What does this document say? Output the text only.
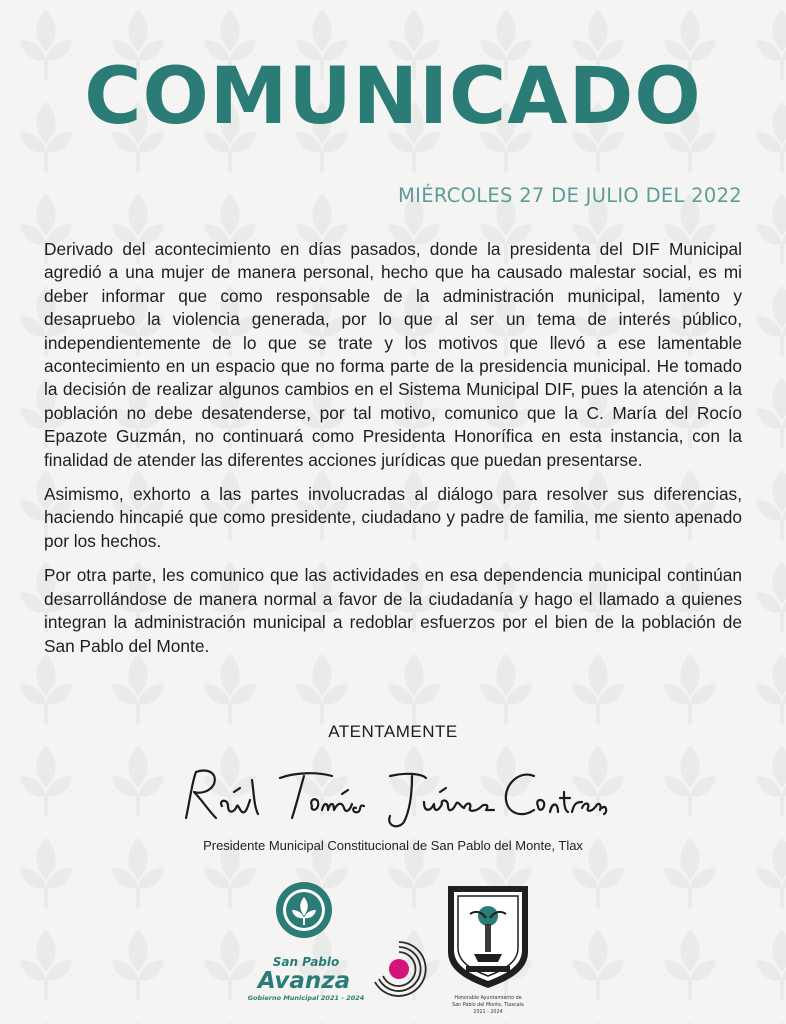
COMUNICADO
MIÉRCOLES 27 DE JULIO DEL 2022

Derivado del acontecimiento en días pasados, donde la presidenta del DIF Municipal agredió a una mujer de manera personal, hecho que ha causado malestar social, es mi deber informar que como responsable de la administración municipal, lamento y desapruebo la violencia generada, por lo que al ser un tema de interés público, independientemente de lo que se trate y los motivos que llevó a ese lamentable acontecimiento en un espacio que no forma parte de la presidencia municipal. He tomado la decisión de realizar algunos cambios en el Sistema Municipal DIF, pues la atención a la población no debe desatenderse, por tal motivo, comunico que la C. María del Rocío Epazote Guzmán, no continuará como Presidenta Honorífica en esta instancia, con la finalidad de atender las diferentes acciones jurídicas que puedan presentarse.

Asimismo, exhorto a las partes involucradas al diálogo para resolver sus diferencias, haciendo hincapié que como presidente, ciudadano y padre de familia, me siento apenado por los hechos.

Por otra parte, les comunico que las actividades en esa dependencia municipal continúan desarrollándose de manera normal a favor de la ciudadanía y hago el llamado a quienes integran la administración municipal a redoblar esfuerzos por el bien de la población de San Pablo del Monte.

ATENTAMENTE
Presidente Municipal Constitucional de San Pablo del Monte, Tlax
San Pablo
Avanza
Gobierno Municipal 2021 - 2024	Honorable Ayuntamiento de
San Pablo del Monte, Tlaxcala
2021 - 2024
